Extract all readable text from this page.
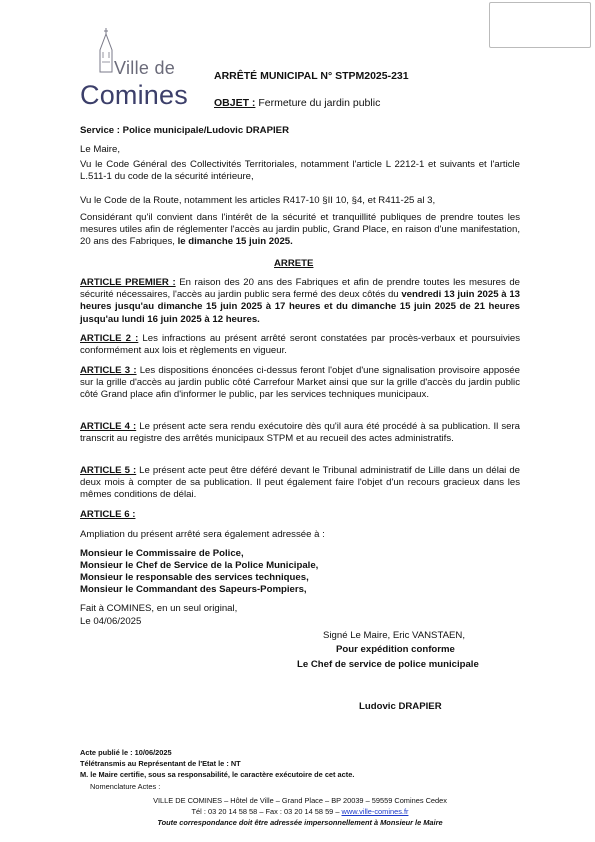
Ville de
Comines
ARRÊTÉ MUNICIPAL N° STPM2025-231
OBJET : Fermeture du jardin public
Service : Police municipale/Ludovic DRAPIER
Le Maire,
Vu le Code Général des Collectivités Territoriales, notamment l'article L 2212-1 et suivants et l'article L.511-1 du code de la sécurité intérieure,
Vu le Code de la Route, notamment les articles R417-10 §II 10, §4, et R411-25 al 3,
Considérant qu'il convient dans l'intérêt de la sécurité et tranquillité publiques de prendre toutes les mesures utiles afin de réglementer l'accès au jardin public, Grand Place, en raison d'une manifestation, 20 ans des Fabriques, le dimanche 15 juin 2025.
ARRETE
ARTICLE PREMIER : En raison des 20 ans des Fabriques et afin de prendre toutes les mesures de sécurité nécessaires, l'accès au jardin public sera fermé des deux côtés du vendredi 13 juin 2025 à 13 heures jusqu'au dimanche 15 juin 2025 à 17 heures et du dimanche 15 juin 2025 de 21 heures jusqu'au lundi 16 juin 2025 à 12 heures.
ARTICLE 2 : Les infractions au présent arrêté seront constatées par procès-verbaux et poursuivies conformément aux lois et règlements en vigueur.
ARTICLE 3 : Les dispositions énoncées ci-dessus feront l'objet d'une signalisation provisoire apposée sur la grille d'accès au jardin public côté Carrefour Market ainsi que sur la grille d'accès du jardin public côté Grand place afin d'informer le public, par les services techniques municipaux.
ARTICLE 4 : Le présent acte sera rendu exécutoire dès qu'il aura été procédé à sa publication. Il sera transcrit au registre des arrêtés municipaux STPM et au recueil des actes administratifs.
ARTICLE 5 : Le présent acte peut être déféré devant le Tribunal administratif de Lille dans un délai de deux mois à compter de sa publication. Il peut également faire l'objet d'un recours gracieux dans les mêmes conditions de délai.
ARTICLE 6 :
Ampliation du présent arrêté sera également adressée à :
Monsieur le Commissaire de Police,
Monsieur le Chef de Service de la Police Municipale,
Monsieur le responsable des services techniques,
Monsieur le Commandant des Sapeurs-Pompiers,
Fait à COMINES, en un seul original,
Le 04/06/2025
Signé Le Maire, Eric VANSTAEN,
Pour expédition conforme
Le Chef de service de police municipale
Ludovic DRAPIER
Acte publié le : 10/06/2025
Télétransmis au Représentant de l'Etat le : NT
M. le Maire certifie, sous sa responsabilité, le caractère exécutoire de cet acte.
Nomenclature Actes :
VILLE DE COMINES – Hôtel de Ville – Grand Place – BP 20039 – 59559 Comines Cedex
Tél : 03 20 14 58 58 – Fax : 03 20 14 58 59 – www.ville-comines.fr
Toute correspondance doit être adressée impersonnellement à Monsieur le Maire
